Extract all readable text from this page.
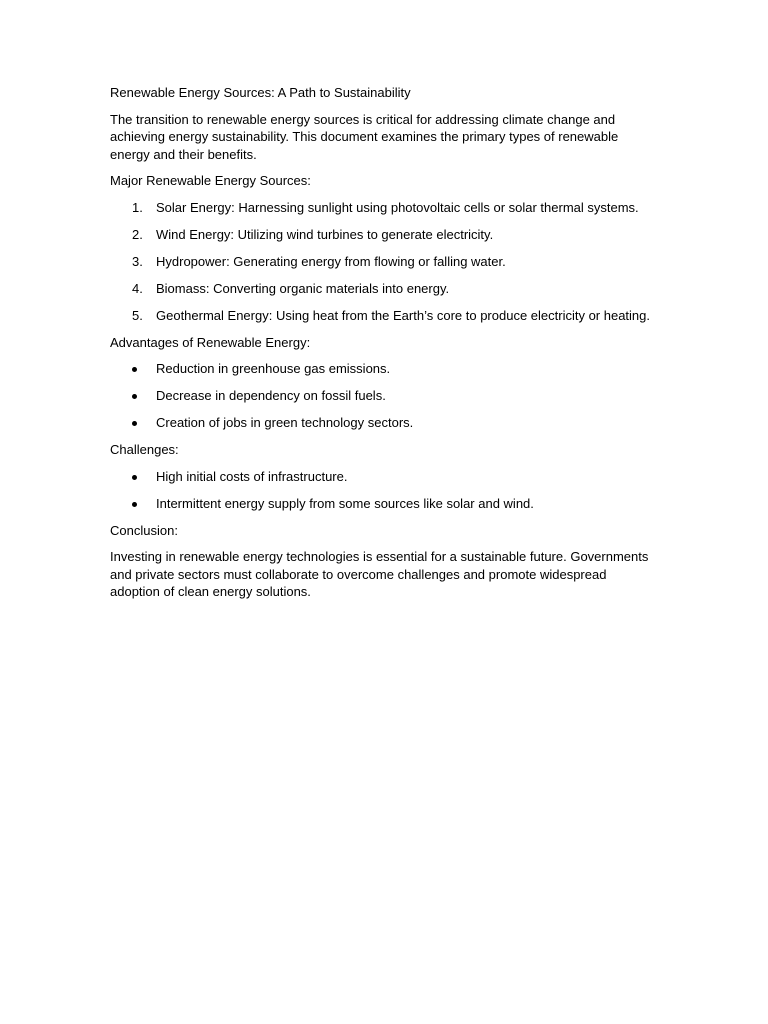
Renewable Energy Sources: A Path to Sustainability
The transition to renewable energy sources is critical for addressing climate change and achieving energy sustainability. This document examines the primary types of renewable energy and their benefits.
Major Renewable Energy Sources:
1. Solar Energy: Harnessing sunlight using photovoltaic cells or solar thermal systems.
2. Wind Energy: Utilizing wind turbines to generate electricity.
3. Hydropower: Generating energy from flowing or falling water.
4. Biomass: Converting organic materials into energy.
5. Geothermal Energy: Using heat from the Earth’s core to produce electricity or heating.
Advantages of Renewable Energy:
Reduction in greenhouse gas emissions.
Decrease in dependency on fossil fuels.
Creation of jobs in green technology sectors.
Challenges:
High initial costs of infrastructure.
Intermittent energy supply from some sources like solar and wind.
Conclusion:
Investing in renewable energy technologies is essential for a sustainable future. Governments and private sectors must collaborate to overcome challenges and promote widespread adoption of clean energy solutions.
